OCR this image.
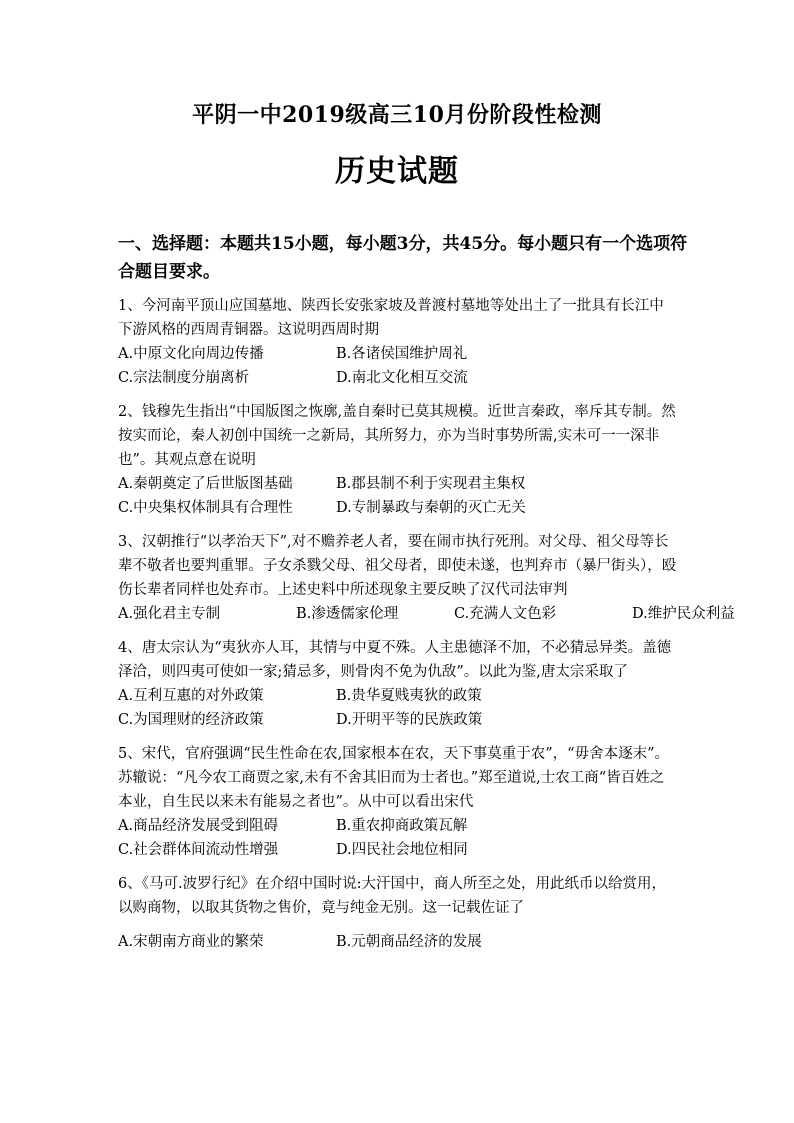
平阴一中2019级高三10月份阶段性检测
历史试题
一、选择题：本题共15小题，每小题3分，共45分。每小题只有一个选项符合题目要求。

1、今河南平顶山应国墓地、陕西长安张家坡及普渡村墓地等处出土了一批具有长江中下游风格的西周青铜器。这说明西周时期

A.中原文化向周边传播	B.各诸侯国维护周礼
C.宗法制度分崩离析	D.南北文化相互交流

2、钱穆先生指出“中国版图之恢廓,盖自秦时已莫其规模。近世言秦政，率斥其专制。然按实而论，秦人初创中国统一之新局，其所努力，亦为当时事势所需,实未可一一深非也”。其观点意在说明

A.秦朝奠定了后世版图基础	B.郡县制不利于实现君主集权
C.中央集权体制具有合理性	D.专制暴政与秦朝的灭亡无关

3、汉朝推行“以孝治天下”,对不赡养老人者，要在闹市执行死刑。对父母、祖父母等长辈不敬者也要判重罪。子女杀戮父母、祖父母者，即使未遂，也判弃市（暴尸街头），殴伤长辈者同样也处弃市。上述史料中所述现象主要反映了汉代司法审判

A.强化君主专制	B.渗透儒家伦理	C.充满人文色彩	D.维护民众利益

4、唐太宗认为“夷狄亦人耳，其情与中夏不殊。人主患德泽不加，不必猜忌异类。盖德泽洽，则四夷可使如一家;猜忌多，则骨肉不免为仇敌”。以此为鉴,唐太宗采取了

A.互利互惠的对外政策	B.贵华夏贱夷狄的政策
C.为国理财的经济政策	D.开明平等的民族政策

5、宋代，官府强调“民生性命在农,国家根本在农，天下事莫重于农”，“毋舍本逐末”。苏辙说：“凡今农工商贾之家,未有不舍其旧而为士者也。”郑至道说,士农工商“皆百姓之本业，自生民以来未有能易之者也”。从中可以看出宋代

A.商品经济发展受到阻碍	B.重农抑商政策瓦解
C.社会群体间流动性增强	D.四民社会地位相同

6、《马可.波罗行纪》在介绍中国时说:大汗国中，商人所至之处，用此纸币以给赏用，以购商物，以取其货物之售价，竟与纯金无别。这一记载佐证了

A.宋朝南方商业的繁荣	B.元朝商品经济的发展
